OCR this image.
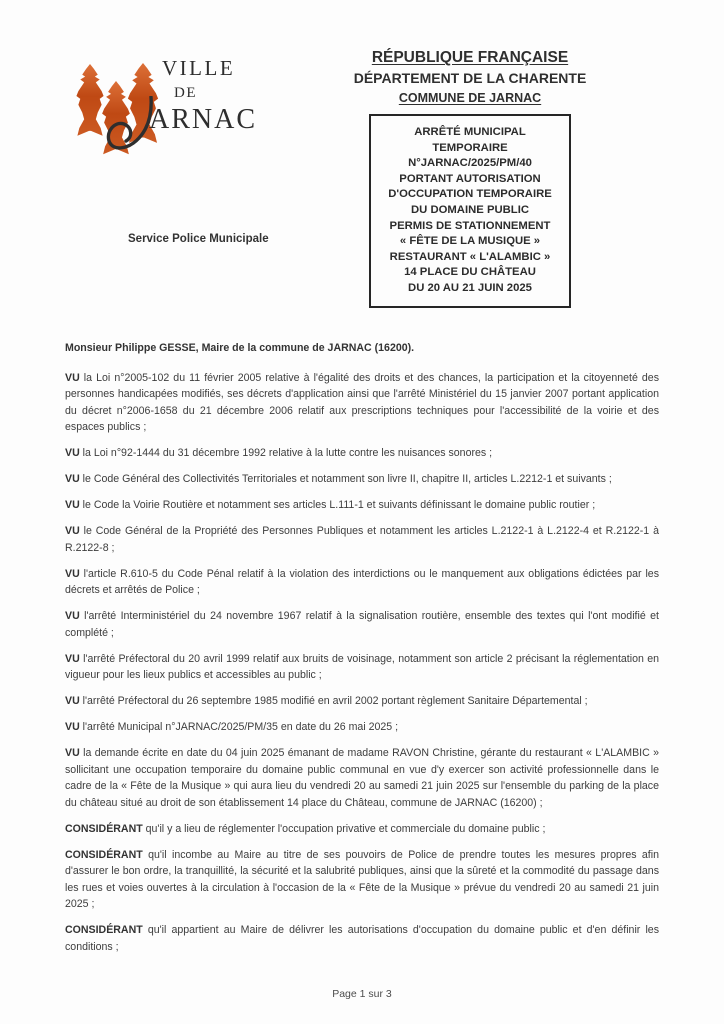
VILLE
DE
ARNAC
RÉPUBLIQUE FRANÇAISE
DÉPARTEMENT DE LA CHARENTE
COMMUNE DE JARNAC
ARRÊTÉ MUNICIPAL
TEMPORAIRE
N°JARNAC/2025/PM/40
PORTANT AUTORISATION
D'OCCUPATION TEMPORAIRE
DU DOMAINE PUBLIC
PERMIS DE STATIONNEMENT
« FÊTE DE LA MUSIQUE »
RESTAURANT « L'ALAMBIC »
14 PLACE DU CHÂTEAU
DU 20 AU 21 JUIN 2025
Service Police Municipale

Monsieur Philippe GESSE, Maire de la commune de JARNAC (16200).

VU la Loi n°2005-102 du 11 février 2005 relative à l'égalité des droits et des chances, la participation et la citoyenneté des personnes handicapées modifiés, ses décrets d'application ainsi que l'arrêté Ministériel du 15 janvier 2007 portant application du décret n°2006-1658 du 21 décembre 2006 relatif aux prescriptions techniques pour l'accessibilité de la voirie et des espaces publics ;

VU la Loi n°92-1444 du 31 décembre 1992 relative à la lutte contre les nuisances sonores ;

VU le Code Général des Collectivités Territoriales et notamment son livre II, chapitre II, articles L.2212-1 et suivants ;

VU le Code la Voirie Routière et notamment ses articles L.111-1 et suivants définissant le domaine public routier ;

VU le Code Général de la Propriété des Personnes Publiques et notamment les articles L.2122-1 à L.2122-4 et R.2122-1 à R.2122-8 ;

VU l'article R.610-5 du Code Pénal relatif à la violation des interdictions ou le manquement aux obligations édictées par les décrets et arrêtés de Police ;

VU l'arrêté Interministériel du 24 novembre 1967 relatif à la signalisation routière, ensemble des textes qui l'ont modifié et complété ;

VU l'arrêté Préfectoral du 20 avril 1999 relatif aux bruits de voisinage, notamment son article 2 précisant la réglementation en vigueur pour les lieux publics et accessibles au public ;

VU l'arrêté Préfectoral du 26 septembre 1985 modifié en avril 2002 portant règlement Sanitaire Départemental ;

VU l'arrêté Municipal n°JARNAC/2025/PM/35 en date du 26 mai 2025 ;

VU la demande écrite en date du 04 juin 2025 émanant de madame RAVON Christine, gérante du restaurant « L'ALAMBIC » sollicitant une occupation temporaire du domaine public communal en vue d'y exercer son activité professionnelle dans le cadre de la « Fête de la Musique » qui aura lieu du vendredi 20 au samedi 21 juin 2025 sur l'ensemble du parking de la place du château situé au droit de son établissement 14 place du Château, commune de JARNAC (16200) ;

CONSIDÉRANT qu'il y a lieu de réglementer l'occupation privative et commerciale du domaine public ;

CONSIDÉRANT qu'il incombe au Maire au titre de ses pouvoirs de Police de prendre toutes les mesures propres afin d'assurer le bon ordre, la tranquillité, la sécurité et la salubrité publiques, ainsi que la sûreté et la commodité du passage dans les rues et voies ouvertes à la circulation à l'occasion de la « Fête de la Musique » prévue du vendredi 20 au samedi 21 juin 2025 ;

CONSIDÉRANT qu'il appartient au Maire de délivrer les autorisations d'occupation du domaine public et d'en définir les conditions ;

Page 1 sur 3
